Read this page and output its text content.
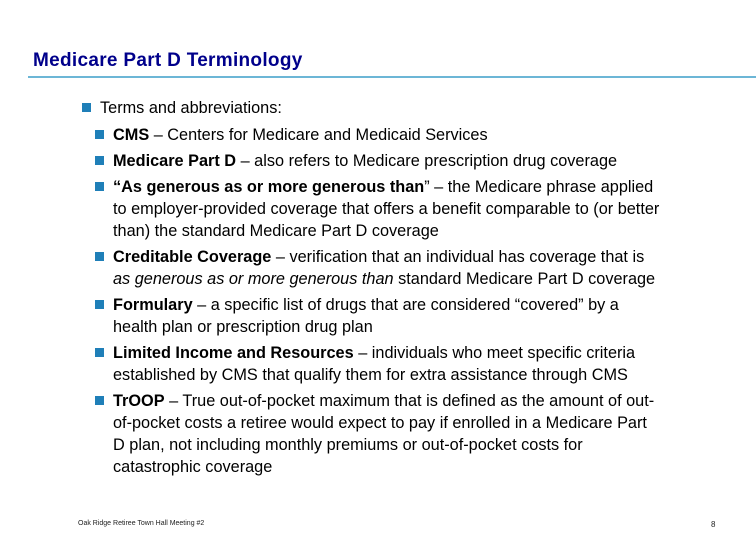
Medicare Part D Terminology
Terms and abbreviations:
CMS – Centers for Medicare and Medicaid Services
Medicare Part D – also refers to Medicare prescription drug coverage
“As generous as or more generous than” – the Medicare phrase applied
to employer-provided coverage that offers a benefit comparable to (or better
than) the standard Medicare Part D coverage
Creditable Coverage – verification that an individual has coverage that is
as generous as or more generous than standard Medicare Part D coverage
Formulary – a specific list of drugs that are considered “covered” by a
health plan or prescription drug plan
Limited Income and Resources – individuals who meet specific criteria
established by CMS that qualify them for extra assistance through CMS
TrOOP – True out-of-pocket maximum that is defined as the amount of out-
of-pocket costs a retiree would expect to pay if enrolled in a Medicare Part
D plan, not including monthly premiums or out-of-pocket costs for
catastrophic coverage
Oak Ridge Retiree Town Hall Meeting #2	8
